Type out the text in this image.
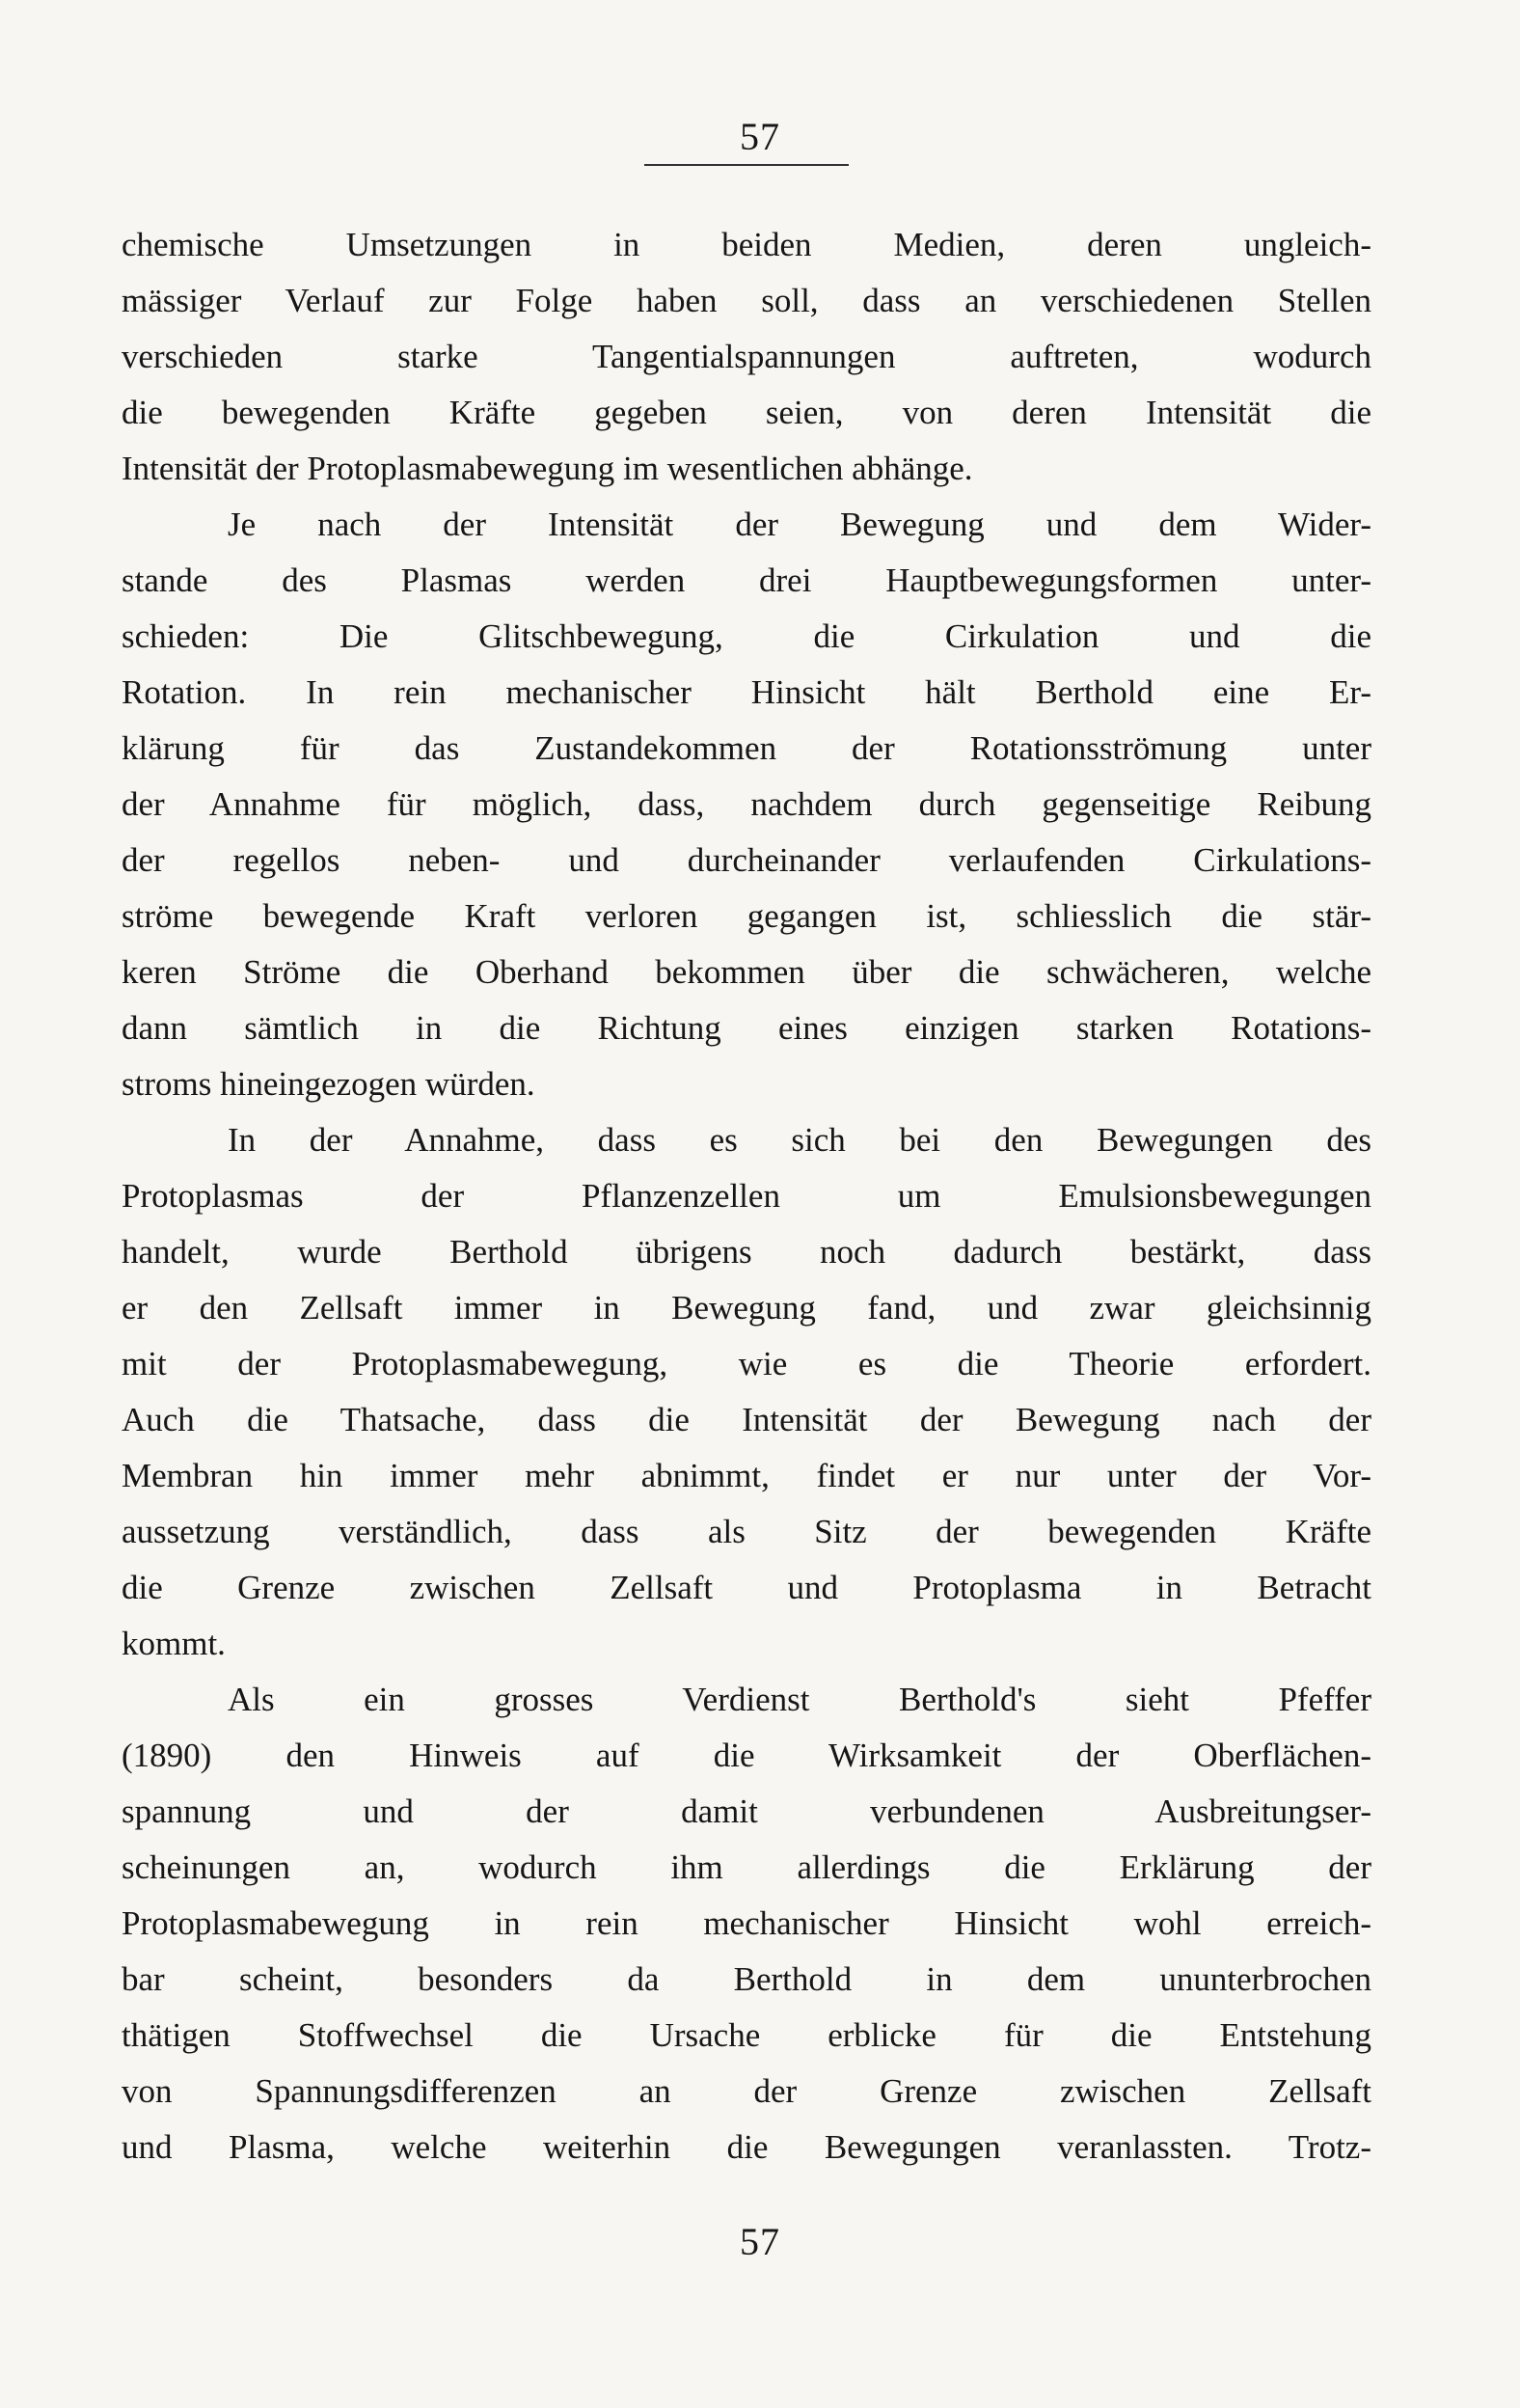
57
chemische Umsetzungen in beiden Medien, deren ungleich-
mässiger Verlauf zur Folge haben soll, dass an verschiedenen Stellen
verschieden starke Tangentialspannungen auftreten, wodurch
die bewegenden Kräfte gegeben seien, von deren Intensität die
Intensität der Protoplasmabewegung im wesentlichen abhänge.
Je nach der Intensität der Bewegung und dem Wider-
stande des Plasmas werden drei Hauptbewegungsformen unter-
schieden: Die Glitschbewegung, die Cirkulation und die
Rotation. In rein mechanischer Hinsicht hält Berthold eine Er-
klärung für das Zustandekommen der Rotationsströmung unter
der Annahme für möglich, dass, nachdem durch gegenseitige Reibung
der regellos neben- und durcheinander verlaufenden Cirkulations-
ströme bewegende Kraft verloren gegangen ist, schliesslich die stär-
keren Ströme die Oberhand bekommen über die schwächeren, welche
dann sämtlich in die Richtung eines einzigen starken Rotations-
stroms hineingezogen würden.
In der Annahme, dass es sich bei den Bewegungen des
Protoplasmas der Pflanzenzellen um Emulsionsbewegungen
handelt, wurde Berthold übrigens noch dadurch bestärkt, dass
er den Zellsaft immer in Bewegung fand, und zwar gleichsinnig
mit der Protoplasmabewegung, wie es die Theorie erfordert.
Auch die Thatsache, dass die Intensität der Bewegung nach der
Membran hin immer mehr abnimmt, findet er nur unter der Vor-
aussetzung verständlich, dass als Sitz der bewegenden Kräfte
die Grenze zwischen Zellsaft und Protoplasma in Betracht
kommt.
Als ein grosses Verdienst Berthold's sieht Pfeffer
(1890) den Hinweis auf die Wirksamkeit der Oberflächen-
spannung und der damit verbundenen Ausbreitungser-
scheinungen an, wodurch ihm allerdings die Erklärung der
Protoplasmabewegung in rein mechanischer Hinsicht wohl erreich-
bar scheint, besonders da Berthold in dem ununterbrochen
thätigen Stoffwechsel die Ursache erblicke für die Entstehung
von Spannungsdifferenzen an der Grenze zwischen Zellsaft
und Plasma, welche weiterhin die Bewegungen veranlassten. Trotz-
57
